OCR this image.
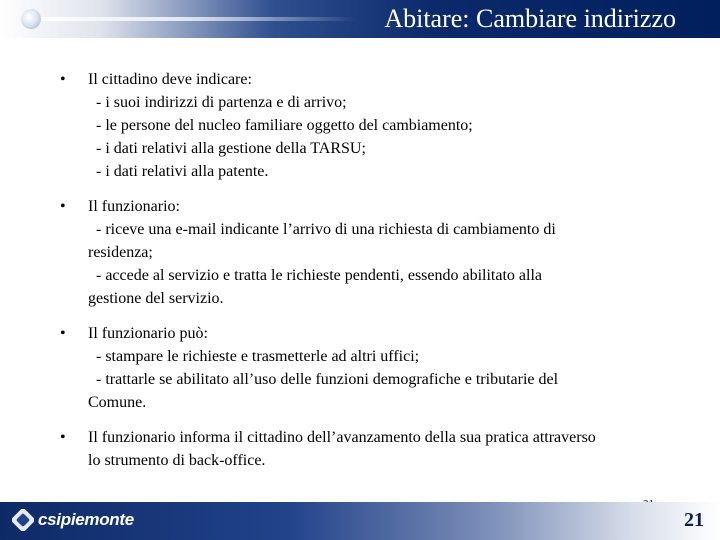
Abitare: Cambiare indirizzo
•	Il cittadino deve indicare:
- i suoi indirizzi di partenza e di arrivo;
- le persone del nucleo familiare oggetto del cambiamento;
- i dati relativi alla gestione della TARSU;
- i dati relativi alla patente.
•	Il funzionario:
- riceve una e-mail indicante l’arrivo di una richiesta di cambiamento di
residenza;
- accede al servizio e tratta le richieste pendenti, essendo abilitato alla
gestione del servizio.
•	Il funzionario può:
- stampare le richieste e trasmetterle ad altri uffici;
- trattarle se abilitato all’uso delle funzioni demografiche e tributarie del
Comune.
•	Il funzionario informa il cittadino dell’avanzamento della sua pratica attraverso
lo strumento di back-office.
csipiemonte	21
